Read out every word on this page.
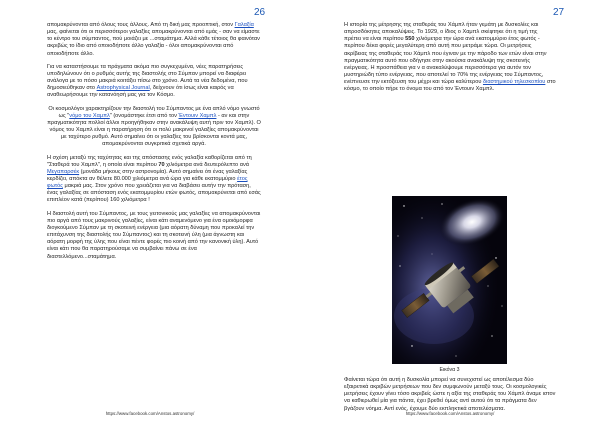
26

απομακρύνονται από όλους τους άλλους. Από τη δική μας προοπτική, στον Γαλαξία μας, φαίνεται ότι οι περισσότεροι γαλαξίες απομακρύνονται από εμάς - σαν να είμαστε το κέντρο του σύμπαντος, πού μοιάζει με ...σταμάτημα. Αλλά κάθε τέτοιος θα φαινόταν ακριβώς το ίδιο από οποιοδήποτε άλλο γαλαξία - όλοι απομακρύνονται από οποιοδήποτε άλλο.

Για να καταστήσουμε τα πράγματα ακόμα πιο συγκεχυμένα, νέες παρατηρήσεις υποδηλώνουν ότι ο ρυθμός αυτής της διαστολής στο Σύμπαν μπορεί να διαφέρει ανάλογα με το πόσο μακριά κοιτάξει πίσω στο χρόνο. Αυτά τα νέα δεδομένα, που δημοσιεύθηκαν στο Astrophysical Journal, δείχνουν ότι ίσως είναι καιρός να αναθεωρήσουμε την κατανόησή μας για τον Κόσμο.

Οι κοσμολόγοι χαρακτηρίζουν την διαστολή του Σύμπαντος με ένα απλό νόμο γνωστό ως "νόμο του Χαμπλ" (ονομάστηκε έτσι από τον Έντουιν Χαμπλ - αν και στην πραγματικότητα πολλοί άλλοι προηγήθηκαν στην ανακάλυψη αυτή πριν τον Χαμπλ). Ο νόμος του Χαμπλ είναι η παρατήρηση ότι οι πολύ μακρινοί γαλαξίες απομακρύνονται με ταχύτερο ρυθμό. Αυτό σημαίνει ότι οι γαλαξίες του βρίσκονται κοντά μας, απομακρύνονται συγκριτικά σχετικά αργά.

Η σχέση μεταξύ της ταχύτητας και της απόστασης ενός γαλαξία καθορίζεται από τη "Σταθερά του Χαμπλ", η οποία είναι περίπου 70 χιλιόμετρα ανά δευτερόλεπτο ανά Μεγαπαρσέκ (μονάδα μήκους στην αστρονομία). Αυτό σημαίνει ότι ένας γαλαξίας κερδίζει, απόκτα αν θέλετε 80.000 χιλιόμετρα ανά ώρα για κάθε εκατομμύριο έτος φωτός μακριά μας. Στον χρόνο που χρειάζεται για να διαβάσει αυτήν την πρόταση, ένας γαλαξίας σε απόσταση ενός εκατομμυρίου ετών φωτός, απομακρύνεται από εσάς επιπλέον κατά (περίπου) 160 χιλιόμετρα !

Η διαστολή αυτή του Σύμπαντος, με τους γειτονικούς μας γαλαξίες να απομακρύνονται πιο αργά από τους μακρινούς γαλαξίες, είναι κάτι αναμενόμενο για ένα ομοιόμορφα διογκούμενο Σύμπαν με τη σκοτεινή ενέργεια (μια αόρατη δύναμη που προκαλεί την επιτάχυνση της διαστολής του Σύμπαντος) και τη σκοτεινή ύλη (μια άγνωστη και αόρατη μορφή της ύλης που είναι πέντε φορές πιο κοινή από την κανονική ύλη). Αυτό είναι κάτι που θα παρατηρούσαμε να συμβαίνει πάνω σε ένα διαστελλόμενο...σταμάτημα.

https://www.facebook.com/Anstos.astronomy/
27

Η ιστορία της μέτρησης της σταθεράς του Χάμπλ ήταν γεμάτη με δυσκολίες και απροσδόκητες αποκαλύψεις. Το 1929, ο ίδιος ο Χαμπλ σκέφτηκε ότι η τιμή της πρέπει να είναι περίπου 550 χιλιόμετρα την ώρα ανά εκατομμύριο έτος φωτός - περίπου δέκα φορές μεγαλύτερη από αυτή που μετράμε τώρα. Οι μετρήσεις ακρίβειας της σταθεράς του Χάμπλ που έγιναν με την πάροδο των ετών είναι στην πραγματικότητα αυτό που οδήγησε στην ακούσια ανακάλυψη της σκοτεινής ενέργειας. Η προσπάθεια για ν α ανακαλύψουμε περισσότερα για αυτόν τον μυστηριώδη τύπο ενέργειας, που αποτελεί το 70% της ενέργειας του Σύμπαντος, ενέπνευσε την εκτόξευση του μέχρι και τώρα καλύτερου διαστημικού τηλεσκοπίου στο κόσμο, το οποίο πήρε το όνομα του από τον Έντουιν Χαμπλ.

Εικόνα 3

Φαίνεται τώρα ότι αυτή η δυσκολία μπορεί να συνεχιστεί ως αποτέλεσμα δύο εξαιρετικά ακριβών μετρήσεων που δεν συμφωνούν μεταξύ τους. Οι κοσμολογικές μετρήσεις έχουν γίνει τόσο ακριβείς ώστε η αξία της σταθεράς του Χάμπλ άναμε ιστον να καθιερωθεί μία για πάντα, έχει βρεθεί όμως αντί αυτού ότι τα πράγματα δεν βγάζουν νόημα. Αντί ενός, έχουμε δύο εκπληκτικά αποτελέσματα.

https://www.facebook.com/Anstos.astronomy/
